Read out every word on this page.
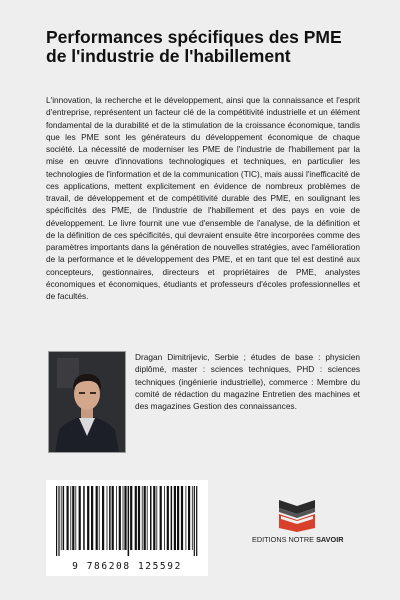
Performances spécifiques des PME de l'industrie de l'habillement

L'innovation, la recherche et le développement, ainsi que la connaissance et l'esprit d'entreprise, représentent un facteur clé de la compétitivité industrielle et un élément fondamental de la durabilité et de la stimulation de la croissance économique, tandis que les PME sont les générateurs du développement économique de chaque société. La nécessité de moderniser les PME de l'industrie de l'habillement par la mise en œuvre d'innovations technologiques et techniques, en particulier les technologies de l'information et de la communication (TIC), mais aussi l'inefficacité de ces applications, mettent explicitement en évidence de nombreux problèmes de travail, de développement et de compétitivité durable des PME, en soulignant les spécificités des PME, de l'industrie de l'habillement et des pays en voie de développement. Le livre fournit une vue d'ensemble de l'analyse, de la définition et de la définition de ces spécificités, qui devraient ensuite être incorporées comme des paramètres importants dans la génération de nouvelles stratégies, avec l'amélioration de la performance et le développement des PME, et en tant que tel est destiné aux concepteurs, gestionnaires, directeurs et propriétaires de PME, analystes économiques et économiques, étudiants et professeurs d'écoles professionnelles et de facultés.

Dragan Dimitrijevic, Serbie ; études de base : physicien diplômé, master : sciences techniques, PHD : sciences techniques (ingénierie industrielle), commerce : Membre du comité de rédaction du magazine Entretien des machines et des magazines Gestion des connaissances.

9 786208 125592
EDITIONS NOTRE SAVOIR
